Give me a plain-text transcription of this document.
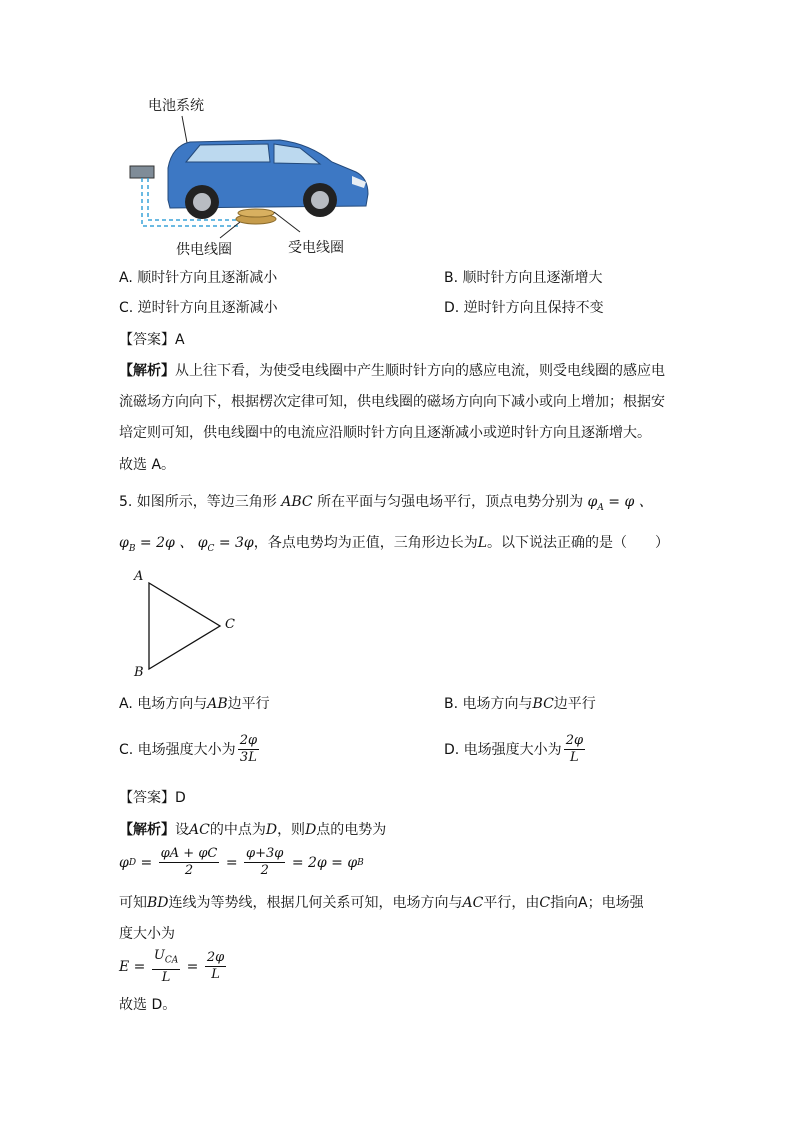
电池系统
供电线圈	受电线圈
A. 顺时针方向且逐渐减小	B. 顺时针方向且逐渐增大
C. 逆时针方向且逐渐减小	D. 逆时针方向且保持不变
【答案】A
【解析】从上往下看，为使受电线圈中产生顺时针方向的感应电流，则受电线圈的感应电
流磁场方向向下，根据楞次定律可知，供电线圈的磁场方向向下减小或向上增加；根据安
培定则可知，供电线圈中的电流应沿顺时针方向且逐渐减小或逆时针方向且逐渐增大。
故选 A。
5. 如图所示，等边三角形 ABC 所在平面与匀强电场平行，顶点电势分别为 $\varphi_A = \varphi$ 、
$\varphi_B = 2\varphi$ 、 $\varphi_C = 3\varphi$，各点电势均为正值，三角形边长为L。以下说法正确的是（　　）
A
B
C
A. 电场方向与AB边平行	B. 电场方向与BC边平行
C. 电场强度大小为 $\frac{2\varphi}{3L}$	D. 电场强度大小为 $\frac{2\varphi}{L}$
【答案】D
【解析】设AC的中点为D，则D点的电势为
φ $D = \frac{\varphi A + \varphi C}{2} = \frac{\varphi+3\varphi}{2}$
= 2φ = φ B
可知BD连线为等势线，根据几何关系可知，电场方向与AC平行，由C指向A；电场强
度大小为
E =
$\frac{U_{CA}}{L} = \frac{2\varphi}{L}$
故选 D。
